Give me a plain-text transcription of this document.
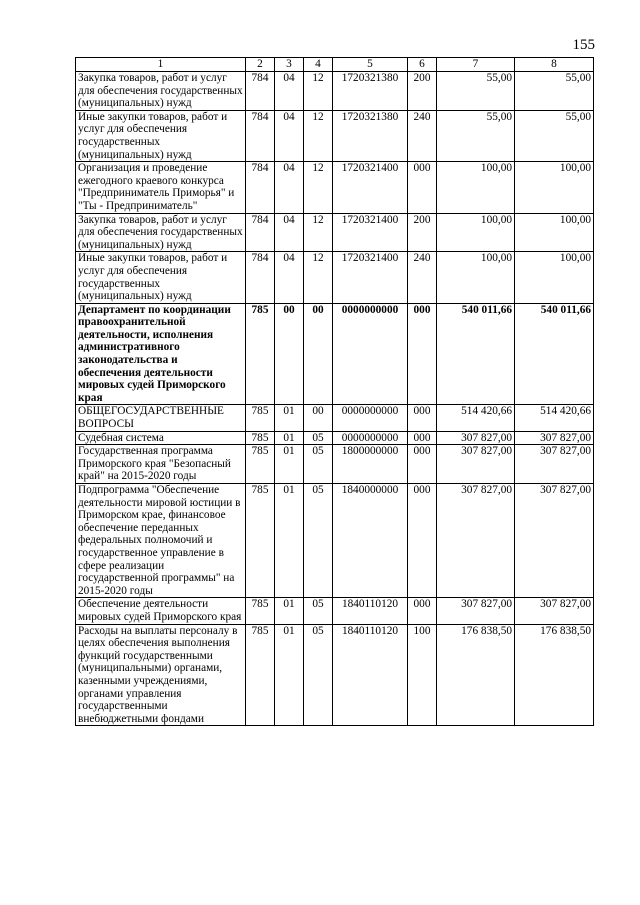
155
1	2	3	4	5	6	7	8
Закупка товаров, работ и услуг для обеспечения государственных (муниципальных) нужд	784	04	12	1720321380	200	55,00	55,00
Иные закупки товаров, работ и услуг для обеспечения государственных (муниципальных) нужд	784	04	12	1720321380	240	55,00	55,00
Организация и проведение ежегодного краевого конкурса "Предприниматель Приморья" и "Ты - Предприниматель"	784	04	12	1720321400	000	100,00	100,00
Закупка товаров, работ и услуг для обеспечения государственных (муниципальных) нужд	784	04	12	1720321400	200	100,00	100,00
Иные закупки товаров, работ и услуг для обеспечения государственных (муниципальных) нужд	784	04	12	1720321400	240	100,00	100,00
Департамент по координации правоохранительной деятельности, исполнения административного законодательства и обеспечения деятельности мировых судей Приморского края	785	00	00	0000000000	000	540 011,66	540 011,66
ОБЩЕГОСУДАРСТВЕННЫЕ ВОПРОСЫ	785	01	00	0000000000	000	514 420,66	514 420,66
Судебная система	785	01	05	0000000000	000	307 827,00	307 827,00
Государственная программа Приморского края "Безопасный край" на 2015-2020 годы	785	01	05	1800000000	000	307 827,00	307 827,00
Подпрограмма "Обеспечение деятельности мировой юстиции в Приморском крае, финансовое обеспечение переданных федеральных полномочий и государственное управление в сфере реализации государственной программы" на 2015-2020 годы	785	01	05	1840000000	000	307 827,00	307 827,00
Обеспечение деятельности мировых судей Приморского края	785	01	05	1840110120	000	307 827,00	307 827,00
Расходы на выплаты персоналу в целях обеспечения выполнения функций государственными (муниципальными) органами, казенными учреждениями, органами управления государственными внебюджетными фондами	785	01	05	1840110120	100	176 838,50	176 838,50
